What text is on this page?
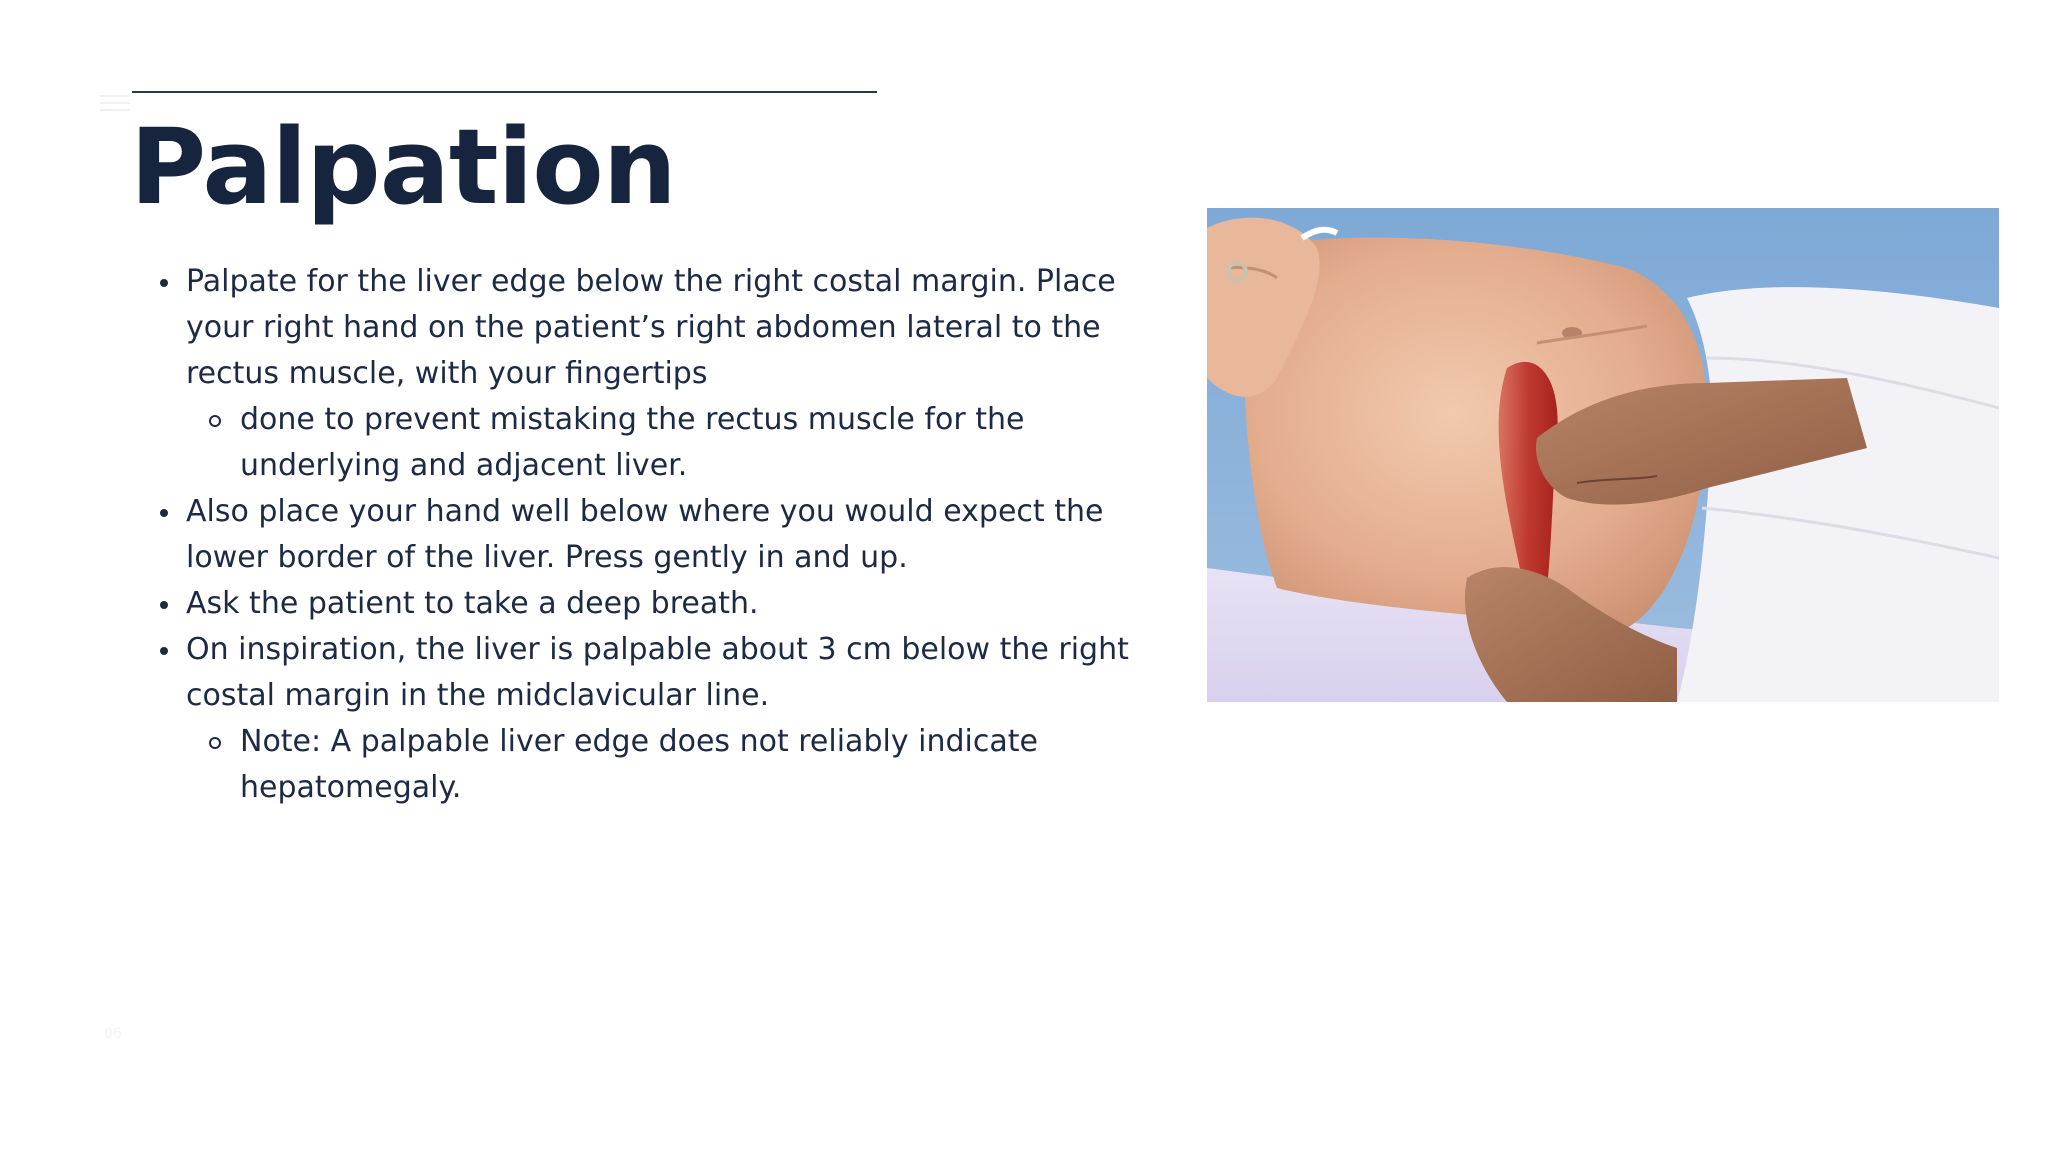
Palpation
Palpate for the liver edge below the right costal margin. Place your right hand on the patient’s right abdomen lateral to the rectus muscle, with your fingertips
done to prevent mistaking the rectus muscle for the underlying and adjacent liver.
Also place your hand well below where you would expect the lower border of the liver. Press gently in and up.
Ask the patient to take a deep breath.
On inspiration, the liver is palpable about 3 cm below the right costal margin in the midclavicular line.
Note: A palpable liver edge does not reliably indicate hepatomegaly.
06
